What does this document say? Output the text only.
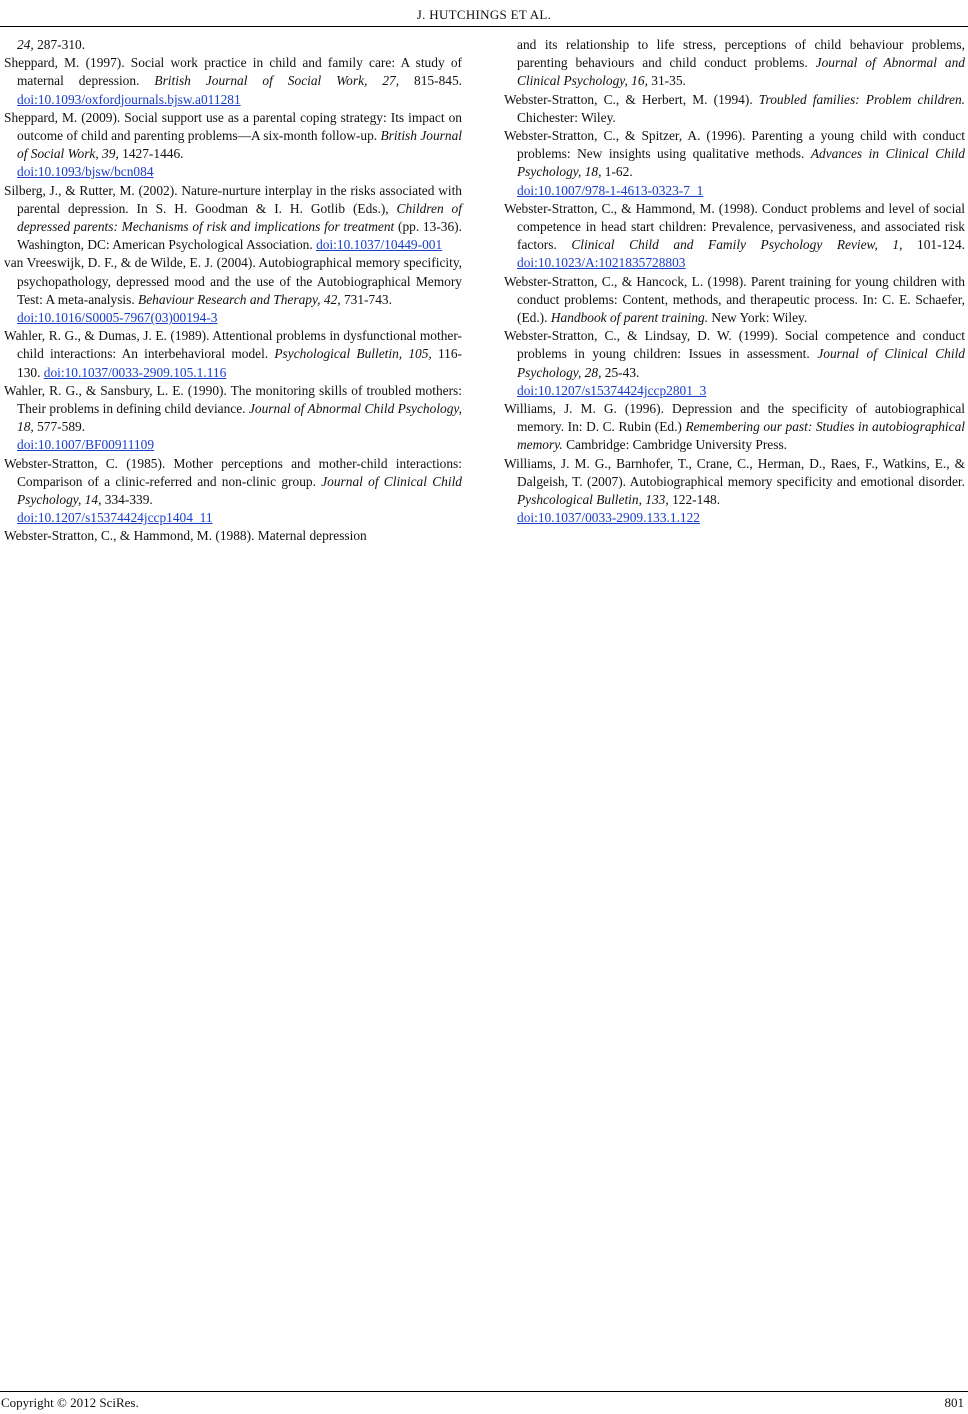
J. HUTCHINGS ET AL.

24, 287-310.

Sheppard, M. (1997). Social work practice in child and family care: A study of maternal depression. British Journal of Social Work, 27, 815-845. doi:10.1093/oxfordjournals.bjsw.a011281

Sheppard, M. (2009). Social support use as a parental coping strategy: Its impact on outcome of child and parenting problems—A six-month follow-up. British Journal of Social Work, 39, 1427-1446.
doi:10.1093/bjsw/bcn084

Silberg, J., & Rutter, M. (2002). Nature-nurture interplay in the risks associated with parental depression. In S. H. Goodman & I. H. Gotlib (Eds.), Children of depressed parents: Mechanisms of risk and implications for treatment (pp. 13-36). Washington, DC: American Psychological Association. doi:10.1037/10449-001

van Vreeswijk, D. F., & de Wilde, E. J. (2004). Autobiographical memory specificity, psychopathology, depressed mood and the use of the Autobiographical Memory Test: A meta-analysis. Behaviour Research and Therapy, 42, 731-743.
doi:10.1016/S0005-7967(03)00194-3

Wahler, R. G., & Dumas, J. E. (1989). Attentional problems in dysfunctional mother-child interactions: An interbehavioral model. Psychological Bulletin, 105, 116-130. doi:10.1037/0033-2909.105.1.116

Wahler, R. G., & Sansbury, L. E. (1990). The monitoring skills of troubled mothers: Their problems in defining child deviance. Journal of Abnormal Child Psychology, 18, 577-589.
doi:10.1007/BF00911109

Webster-Stratton, C. (1985). Mother perceptions and mother-child interactions: Comparison of a clinic-referred and non-clinic group. Journal of Clinical Child Psychology, 14, 334-339.
doi:10.1207/s15374424jccp1404_11

Webster-Stratton, C., & Hammond, M. (1988). Maternal depression

and its relationship to life stress, perceptions of child behaviour problems, parenting behaviours and child conduct problems. Journal of Abnormal and Clinical Psychology, 16, 31-35.

Webster-Stratton, C., & Herbert, M. (1994). Troubled families: Problem children. Chichester: Wiley.

Webster-Stratton, C., & Spitzer, A. (1996). Parenting a young child with conduct problems: New insights using qualitative methods. Advances in Clinical Child Psychology, 18, 1-62.
doi:10.1007/978-1-4613-0323-7_1

Webster-Stratton, C., & Hammond, M. (1998). Conduct problems and level of social competence in head start children: Prevalence, pervasiveness, and associated risk factors. Clinical Child and Family Psychology Review, 1, 101-124. doi:10.1023/A:1021835728803

Webster-Stratton, C., & Hancock, L. (1998). Parent training for young children with conduct problems: Content, methods, and therapeutic process. In: C. E. Schaefer, (Ed.). Handbook of parent training. New York: Wiley.

Webster-Stratton, C., & Lindsay, D. W. (1999). Social competence and conduct problems in young children: Issues in assessment. Journal of Clinical Child Psychology, 28, 25-43.
doi:10.1207/s15374424jccp2801_3

Williams, J. M. G. (1996). Depression and the specificity of autobiographical memory. In: D. C. Rubin (Ed.) Remembering our past: Studies in autobiographical memory. Cambridge: Cambridge University Press.

Williams, J. M. G., Barnhofer, T., Crane, C., Herman, D., Raes, F., Watkins, E., & Dalgeish, T. (2007). Autobiographical memory specificity and emotional disorder. Pyshcological Bulletin, 133, 122-148.
doi:10.1037/0033-2909.133.1.122

Copyright © 2012 SciRes.	801
